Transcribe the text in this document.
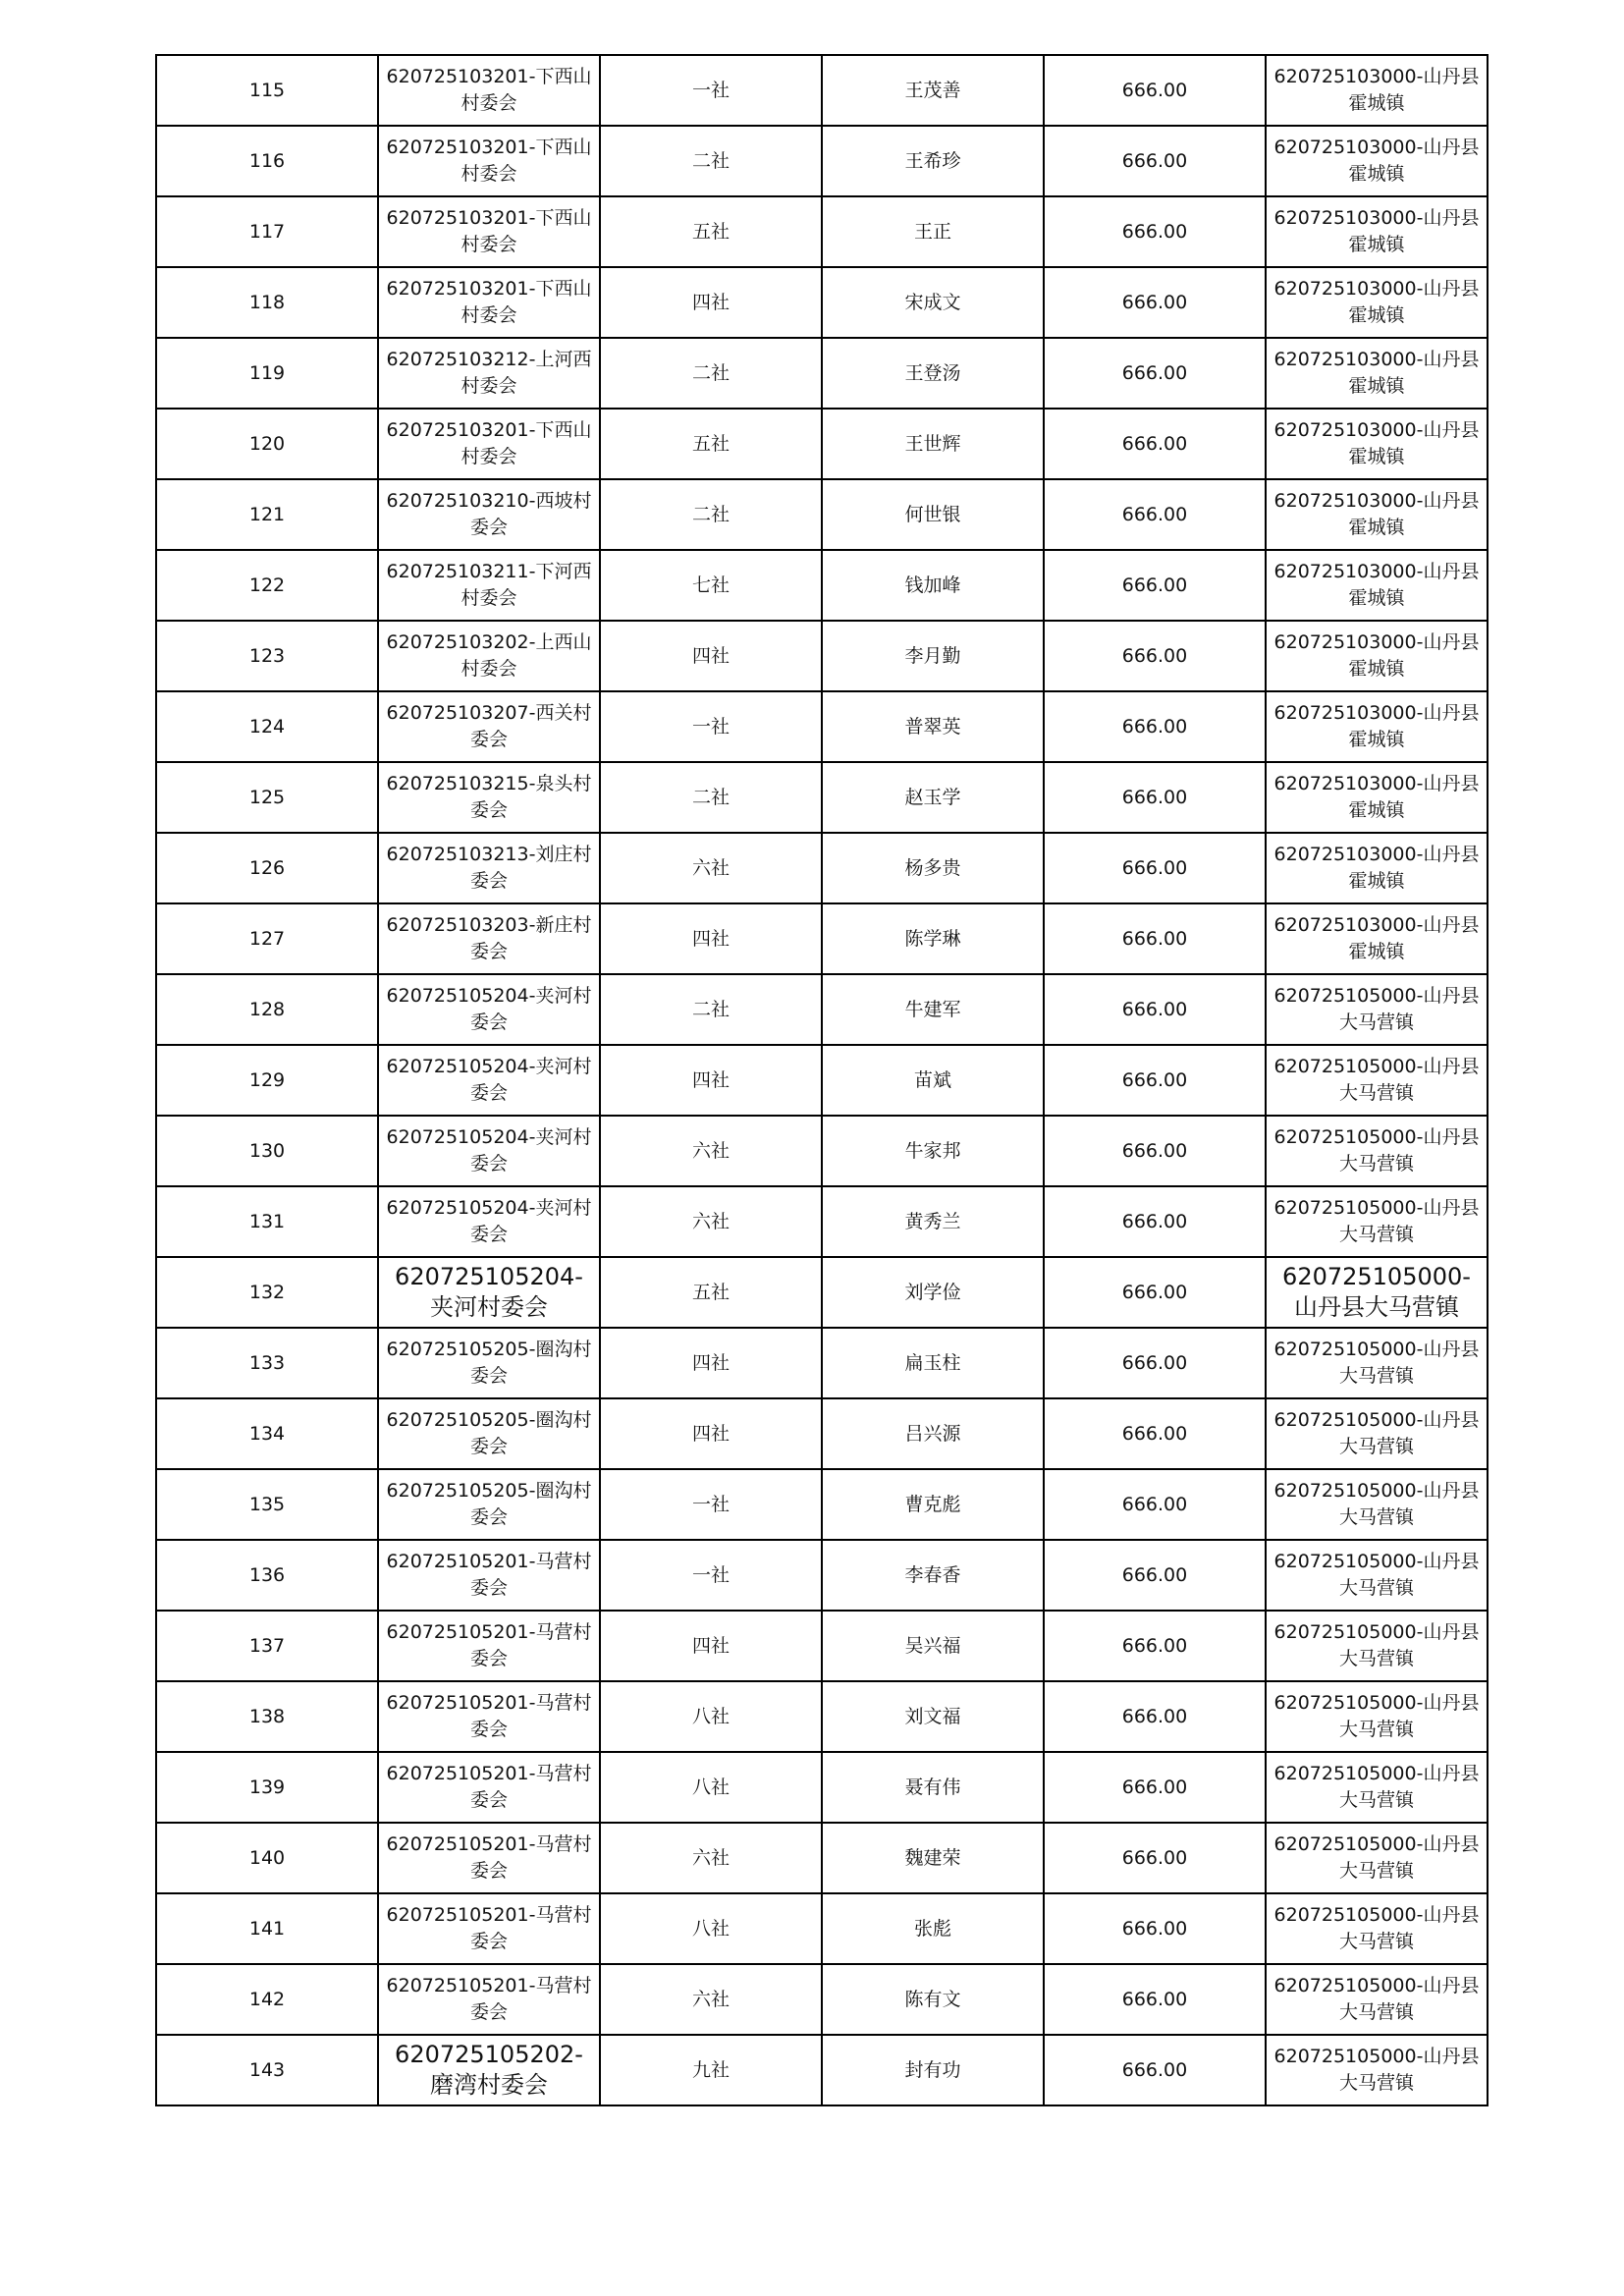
115	620725103201-下西山村委会	一社	王茂善	666.00	620725103000-山丹县霍城镇
116	620725103201-下西山村委会	二社	王希珍	666.00	620725103000-山丹县霍城镇
117	620725103201-下西山村委会	五社	王正	666.00	620725103000-山丹县霍城镇
118	620725103201-下西山村委会	四社	宋成文	666.00	620725103000-山丹县霍城镇
119	620725103212-上河西村委会	二社	王登汤	666.00	620725103000-山丹县霍城镇
120	620725103201-下西山村委会	五社	王世辉	666.00	620725103000-山丹县霍城镇
121	620725103210-西坡村委会	二社	何世银	666.00	620725103000-山丹县霍城镇
122	620725103211-下河西村委会	七社	钱加峰	666.00	620725103000-山丹县霍城镇
123	620725103202-上西山村委会	四社	李月勤	666.00	620725103000-山丹县霍城镇
124	620725103207-西关村委会	一社	普翠英	666.00	620725103000-山丹县霍城镇
125	620725103215-泉头村委会	二社	赵玉学	666.00	620725103000-山丹县霍城镇
126	620725103213-刘庄村委会	六社	杨多贵	666.00	620725103000-山丹县霍城镇
127	620725103203-新庄村委会	四社	陈学琳	666.00	620725103000-山丹县霍城镇
128	620725105204-夹河村委会	二社	牛建军	666.00	620725105000-山丹县大马营镇
129	620725105204-夹河村委会	四社	苗斌	666.00	620725105000-山丹县大马营镇
130	620725105204-夹河村委会	六社	牛家邦	666.00	620725105000-山丹县大马营镇
131	620725105204-夹河村委会	六社	黄秀兰	666.00	620725105000-山丹县大马营镇
132	620725105204-夹河村委会	五社	刘学俭	666.00	620725105000-山丹县大马营镇
133	620725105205-圈沟村委会	四社	扁玉柱	666.00	620725105000-山丹县大马营镇
134	620725105205-圈沟村委会	四社	吕兴源	666.00	620725105000-山丹县大马营镇
135	620725105205-圈沟村委会	一社	曹克彪	666.00	620725105000-山丹县大马营镇
136	620725105201-马营村委会	一社	李春香	666.00	620725105000-山丹县大马营镇
137	620725105201-马营村委会	四社	吴兴福	666.00	620725105000-山丹县大马营镇
138	620725105201-马营村委会	八社	刘文福	666.00	620725105000-山丹县大马营镇
139	620725105201-马营村委会	八社	聂有伟	666.00	620725105000-山丹县大马营镇
140	620725105201-马营村委会	六社	魏建荣	666.00	620725105000-山丹县大马营镇
141	620725105201-马营村委会	八社	张彪	666.00	620725105000-山丹县大马营镇
142	620725105201-马营村委会	六社	陈有文	666.00	620725105000-山丹县大马营镇
143	620725105202-磨湾村委会	九社	封有功	666.00	620725105000-山丹县大马营镇
